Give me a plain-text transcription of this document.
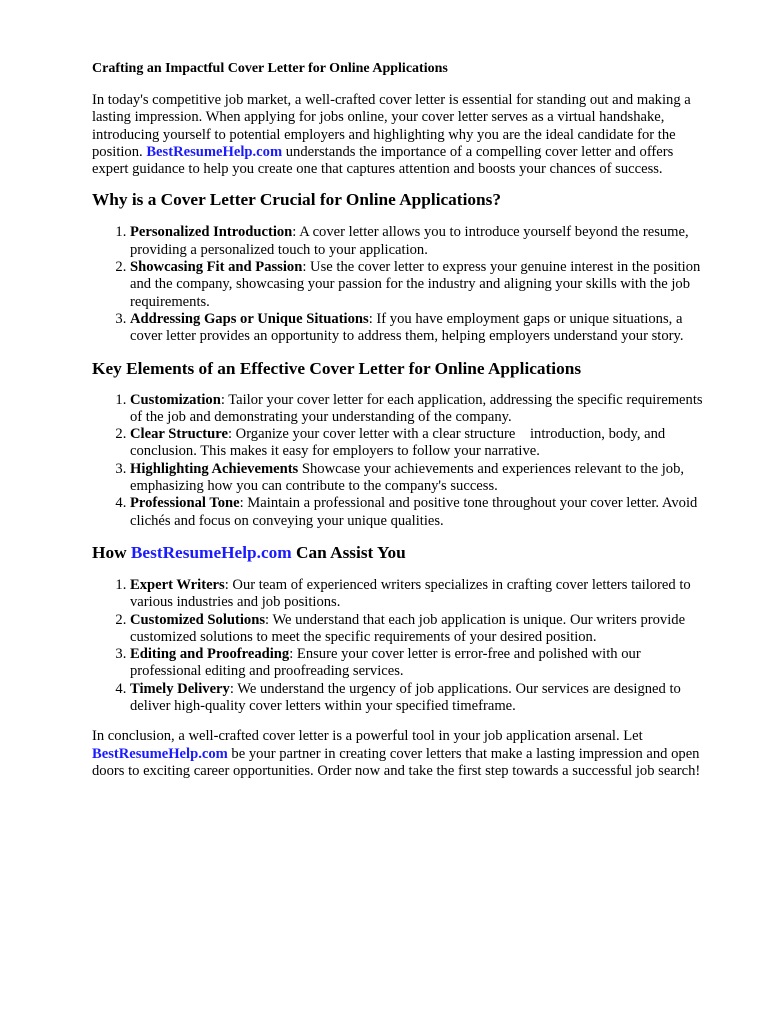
Crafting an Impactful Cover Letter for Online Applications

In today's competitive job market, a well-crafted cover letter is essential for standing out and making a lasting impression. When applying for jobs online, your cover letter serves as a virtual handshake, introducing yourself to potential employers and highlighting why you are the ideal candidate for the position. BestResumeHelp.com understands the importance of a compelling cover letter and offers expert guidance to help you create one that captures attention and boosts your chances of success.

Why is a Cover Letter Crucial for Online Applications?
1. Personalized Introduction: A cover letter allows you to introduce yourself beyond the resume, providing a personalized touch to your application.
2. Showcasing Fit and Passion: Use the cover letter to express your genuine interest in the position and the company, showcasing your passion for the industry and aligning your skills with the job requirements.
3. Addressing Gaps or Unique Situations: If you have employment gaps or unique situations, a cover letter provides an opportunity to address them, helping employers understand your story.
Key Elements of an Effective Cover Letter for Online Applications
1. Customization: Tailor your cover letter for each application, addressing the specific requirements of the job and demonstrating your understanding of the company.
2. Clear Structure: Organize your cover letter with a clear structure    introduction, body, and conclusion. This makes it easy for employers to follow your narrative.
3. Highlighting Achievements Showcase your achievements and experiences relevant to the job, emphasizing how you can contribute to the company's success.
4. Professional Tone: Maintain a professional and positive tone throughout your cover letter. Avoid clichés and focus on conveying your unique qualities.
How BestResumeHelp.com Can Assist You
1. Expert Writers: Our team of experienced writers specializes in crafting cover letters tailored to various industries and job positions.
2. Customized Solutions: We understand that each job application is unique. Our writers provide customized solutions to meet the specific requirements of your desired position.
3. Editing and Proofreading: Ensure your cover letter is error-free and polished with our professional editing and proofreading services.
4. Timely Delivery: We understand the urgency of job applications. Our services are designed to deliver high-quality cover letters within your specified timeframe.

In conclusion, a well-crafted cover letter is a powerful tool in your job application arsenal. Let BestResumeHelp.com be your partner in creating cover letters that make a lasting impression and open doors to exciting career opportunities. Order now and take the first step towards a successful job search!
